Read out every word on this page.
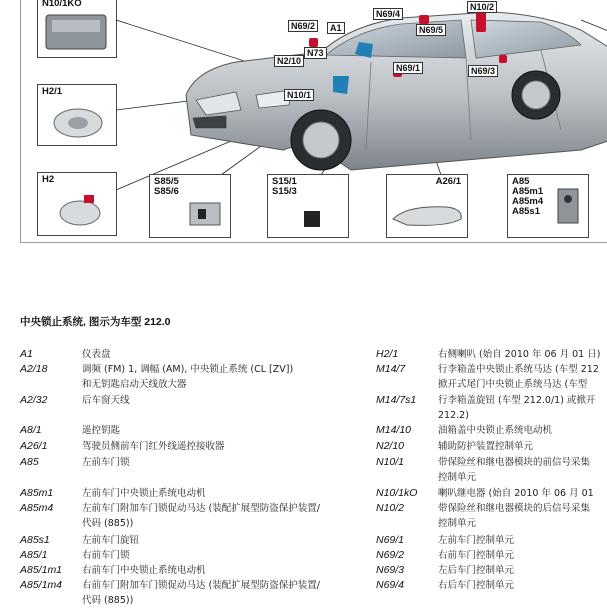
N10/1KO
H2/1
H2	S85/5
S85/6
S15/1
S15/3
A26/1	A85
A85m1
A85m4
A85s1
N69/2	A1
N69/4
N10/2
N73
N69/5
N2/10
N69/1	N69/3
N10/1
中央锁止系统, 图示为车型 212.0
A1	仪表盘
A2/18	调频 (FM) 1, 调幅 (AM), 中央锁止系统 (CL [ZV])
和无钥匙启动天线放大器
A2/32	后车窗天线
A8/1	遥控钥匙
A26/1	驾驶员侧前车门红外线遥控接收器
A85	左前车门锁
A85m1	左前车门中央锁止系统电动机
A85m4	左前车门附加车门锁促动马达 (装配扩展型防盗保护装置/
代码 (885))
A85s1	左前车门旋钮
A85/1	右前车门锁
A85/1m1 右前车门中央锁止系统电动机
A85/1m4 右前车门附加车门锁促动马达 (装配扩展型防盗保护装置/
代码 (885))
H2/1	右侧喇叭 (始自 2010 年 06 月 01 日)
M14/7	行李箱盖中央锁止系统马达 (车型 212
掀开式尾门中央锁止系统马达 (车型
M14/7s1 行李箱盖旋钮 (车型 212.0/1) 或掀开
212.2)
M14/10	油箱盖中央锁止系统电动机
N2/10	辅助防护装置控制单元
N10/1	带保险丝和继电器模块的前信号采集
控制单元
N10/1kO 喇叭继电器 (始自 2010 年 06 月 01
N10/2	带保险丝和继电器模块的后信号采集
控制单元
N69/1	左前车门控制单元
N69/2	右前车门控制单元
N69/3	左后车门控制单元
N69/4	右后车门控制单元
